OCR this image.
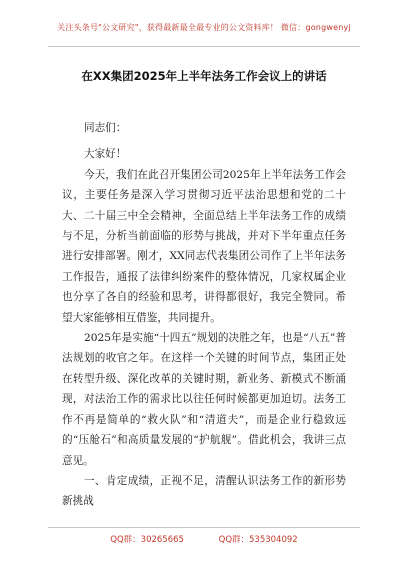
关注头条号"公文研究"，获得最新最全最专业的公文资料库！ 微信：gongwenyj
在XX集团2025年上半年法务工作会议上的讲话

同志们：

大家好！

今天，我们在此召开集团公司2025年上半年法务工作会议，主要任务是深入学习贯彻习近平法治思想和党的二十大、二十届三中全会精神，全面总结上半年法务工作的成绩与不足，分析当前面临的形势与挑战，并对下半年重点任务进行安排部署。刚才，XX同志代表集团公司作了上半年法务工作报告，通报了法律纠纷案件的整体情况，几家权属企业也分享了各自的经验和思考，讲得都很好，我完全赞同。希望大家能够相互借鉴，共同提升。

2025年是实施“十四五”规划的决胜之年，也是“八五”普法规划的收官之年。在这样一个关键的时间节点，集团正处在转型升级、深化改革的关键时期，新业务、新模式不断涌现，对法治工作的需求比以往任何时候都更加迫切。法务工作不再是简单的“救火队”和“清道夫”，而是企业行稳致远的“压舱石”和高质量发展的“护航舰”。借此机会，我讲三点意见。

一、肯定成绩，正视不足，清醒认识法务工作的新形势新挑战

QQ群：30265665	QQ群：535304092
